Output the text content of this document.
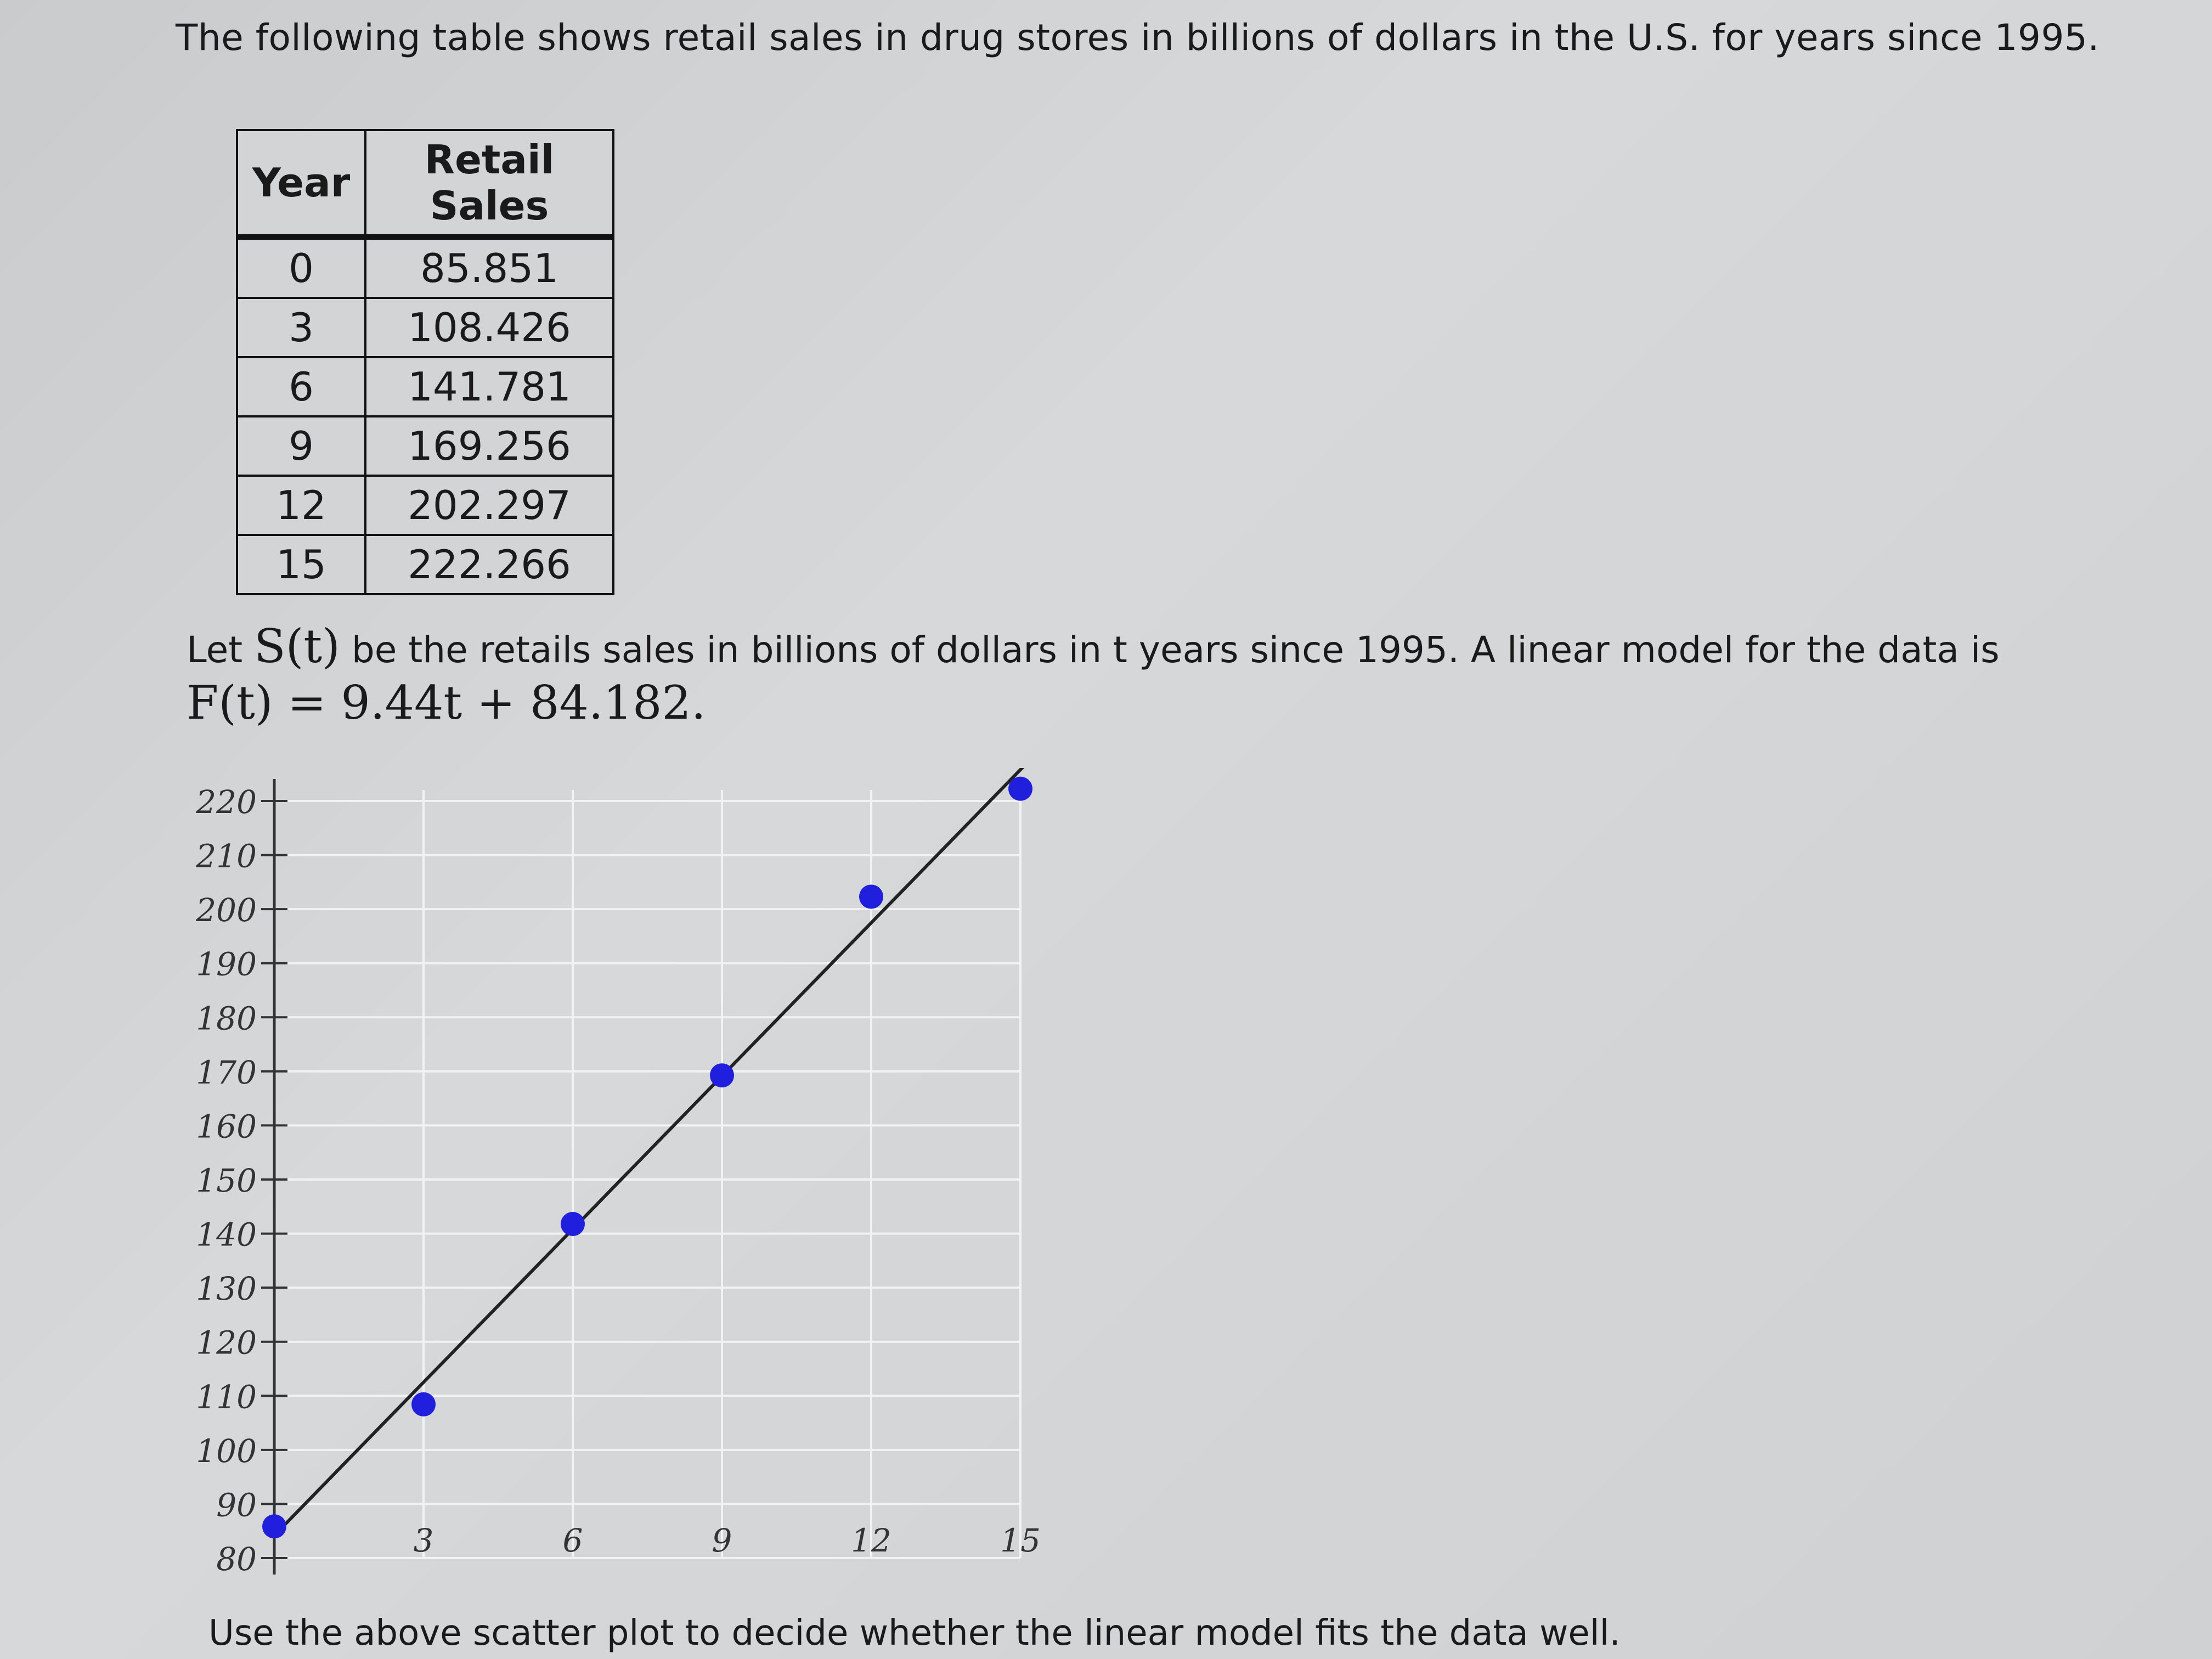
The following table shows retail sales in drug stores in billions of dollars in the U.S. for years since 1995.
Year	Retail Sales
0	85.851
3	108.426
6	141.781
9	169.256
12	202.297
15	222.266
Let S(t) be the retails sales in billions of dollars in t years since 1995. A linear model for the data is
F(t) = 9.44t + 84.182.
80
90
100
110
120
130
140
150
160
170
180
190
200
210
220
3	6	9	12	15
Use the above scatter plot to decide whether the linear model fits the data well.
